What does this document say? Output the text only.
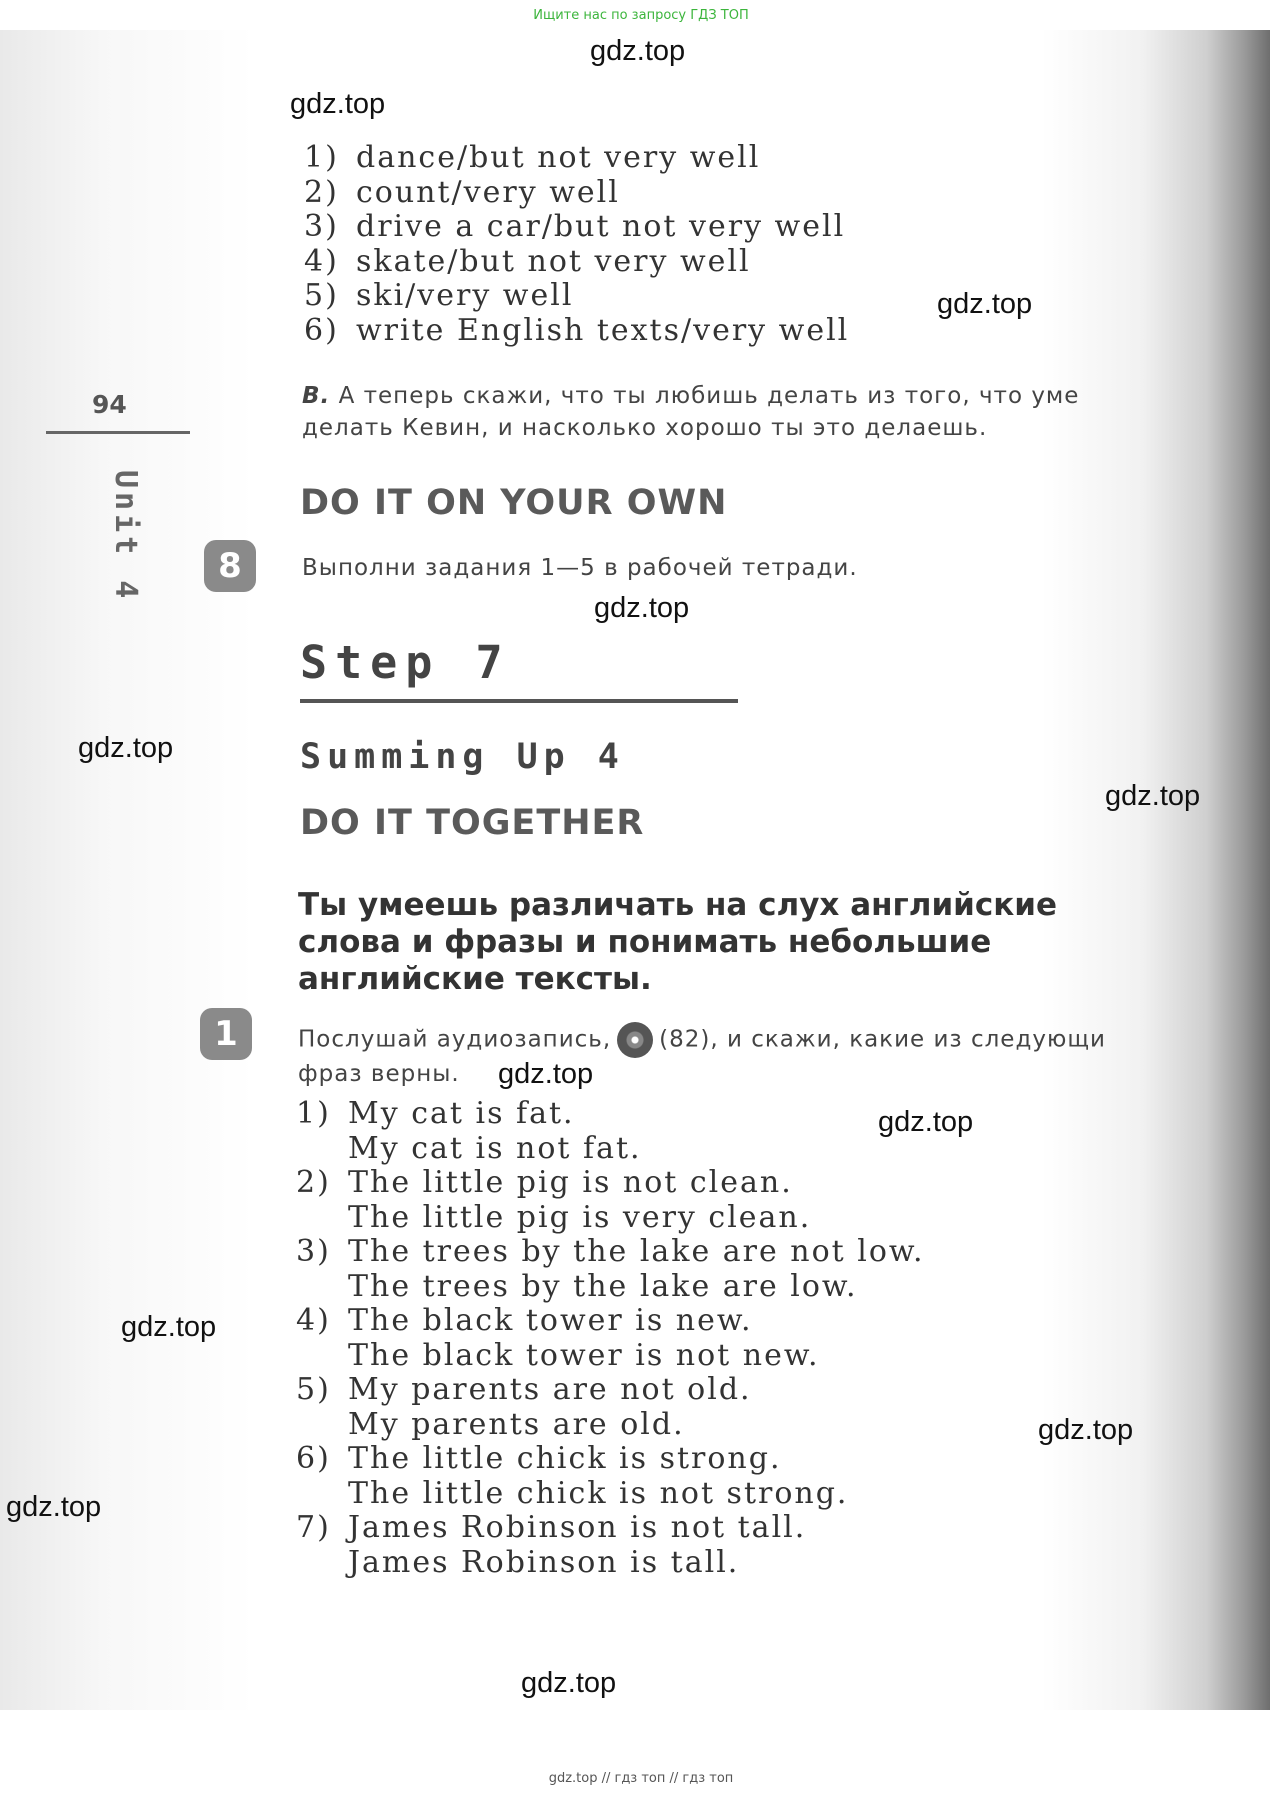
Ищите нас по запросу ГДЗ ТОП
gdz.top
gdz.top
gdz.top
gdz.top
gdz.top
gdz.top
gdz.top
gdz.top
gdz.top
gdz.top
gdz.top
gdz.top
94
Unit 4
1) dance/but not very well
2) count/very well
3) drive a car/but not very well
4) skate/but not very well
5) ski/very well
6) write English texts/very well
B. А теперь скажи, что ты любишь делать из того, что уме
делать Кевин, и насколько хорошо ты это делаешь.
DO IT ON YOUR OWN
8	Выполни задания 1—5 в рабочей тетради.
Step 7
Summing Up 4
DO IT TOGETHER
Ты умеешь различать на слух английские
слова и фразы и понимать небольшие
английские тексты.
1	Послушай аудиозапись, (82), и скажи, какие из следующи
фраз верны.
1) My cat is fat.
My cat is not fat.
2) The little pig is not clean.
The little pig is very clean.
3) The trees by the lake are not low.
The trees by the lake are low.
4) The black tower is new.
The black tower is not new.
5) My parents are not old.
My parents are old.
6) The little chick is strong.
The little chick is not strong.
7) James Robinson is not tall.
James Robinson is tall.
gdz.top // гдз топ // гдз топ
